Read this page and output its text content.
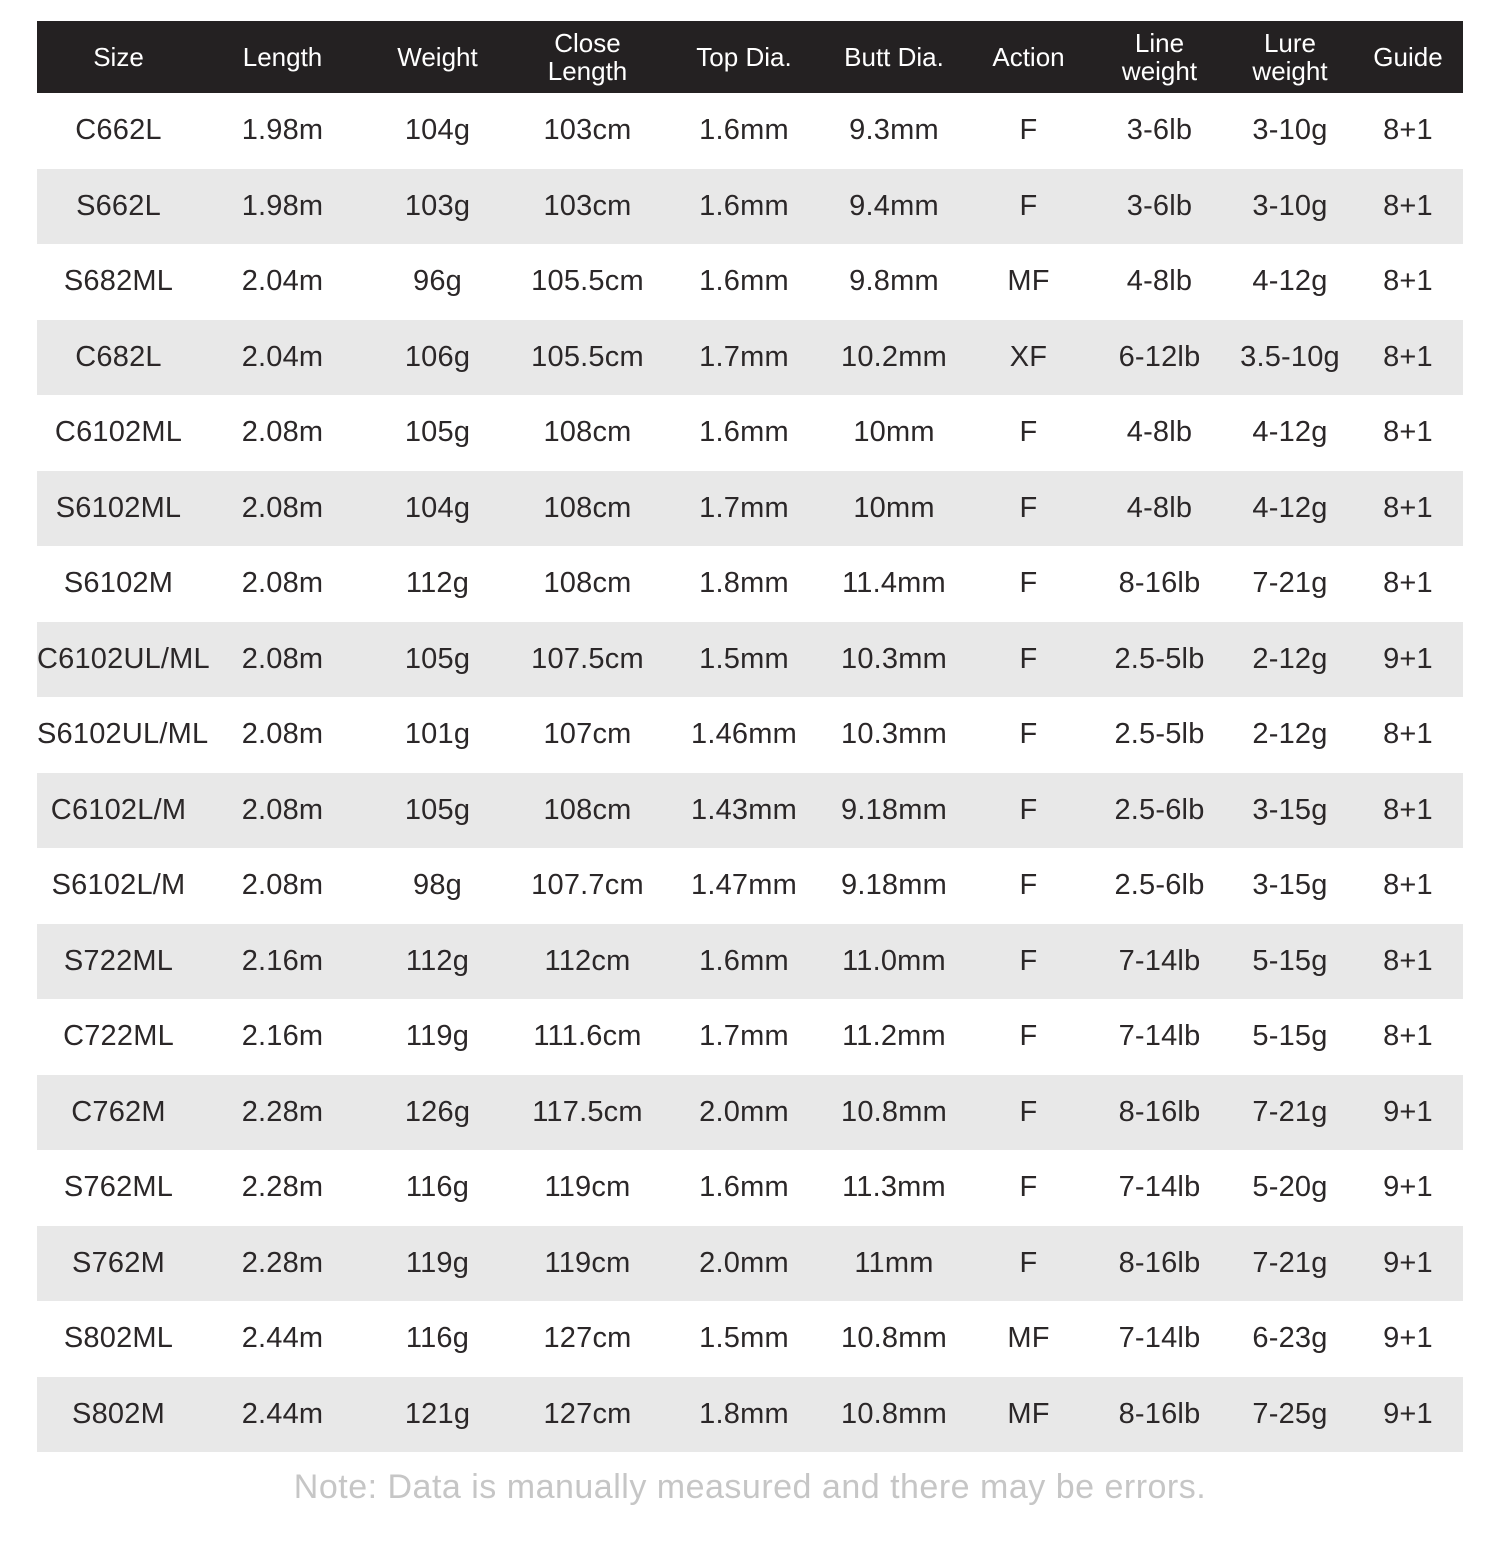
Size	Length	Weight	Close Length	Top Dia.	Butt Dia.	Action	Line weight	Lure weight	Guide
C662L	1.98m	104g	103cm	1.6mm	9.3mm	F	3-6lb	3-10g	8+1
S662L	1.98m	103g	103cm	1.6mm	9.4mm	F	3-6lb	3-10g	8+1
S682ML	2.04m	96g	105.5cm	1.6mm	9.8mm	MF	4-8lb	4-12g	8+1
C682L	2.04m	106g	105.5cm	1.7mm	10.2mm	XF	6-12lb	3.5-10g	8+1
C6102ML	2.08m	105g	108cm	1.6mm	10mm	F	4-8lb	4-12g	8+1
S6102ML	2.08m	104g	108cm	1.7mm	10mm	F	4-8lb	4-12g	8+1
S6102M	2.08m	112g	108cm	1.8mm	11.4mm	F	8-16lb	7-21g	8+1
C6102UL/ML	2.08m	105g	107.5cm	1.5mm	10.3mm	F	2.5-5lb	2-12g	9+1
S6102UL/ML	2.08m	101g	107cm	1.46mm	10.3mm	F	2.5-5lb	2-12g	8+1
C6102L/M	2.08m	105g	108cm	1.43mm	9.18mm	F	2.5-6lb	3-15g	8+1
S6102L/M	2.08m	98g	107.7cm	1.47mm	9.18mm	F	2.5-6lb	3-15g	8+1
S722ML	2.16m	112g	112cm	1.6mm	11.0mm	F	7-14lb	5-15g	8+1
C722ML	2.16m	119g	111.6cm	1.7mm	11.2mm	F	7-14lb	5-15g	8+1
C762M	2.28m	126g	117.5cm	2.0mm	10.8mm	F	8-16lb	7-21g	9+1
S762ML	2.28m	116g	119cm	1.6mm	11.3mm	F	7-14lb	5-20g	9+1
S762M	2.28m	119g	119cm	2.0mm	11mm	F	8-16lb	7-21g	9+1
S802ML	2.44m	116g	127cm	1.5mm	10.8mm	MF	7-14lb	6-23g	9+1
S802M	2.44m	121g	127cm	1.8mm	10.8mm	MF	8-16lb	7-25g	9+1
Note: Data is manually measured and there may be errors.
